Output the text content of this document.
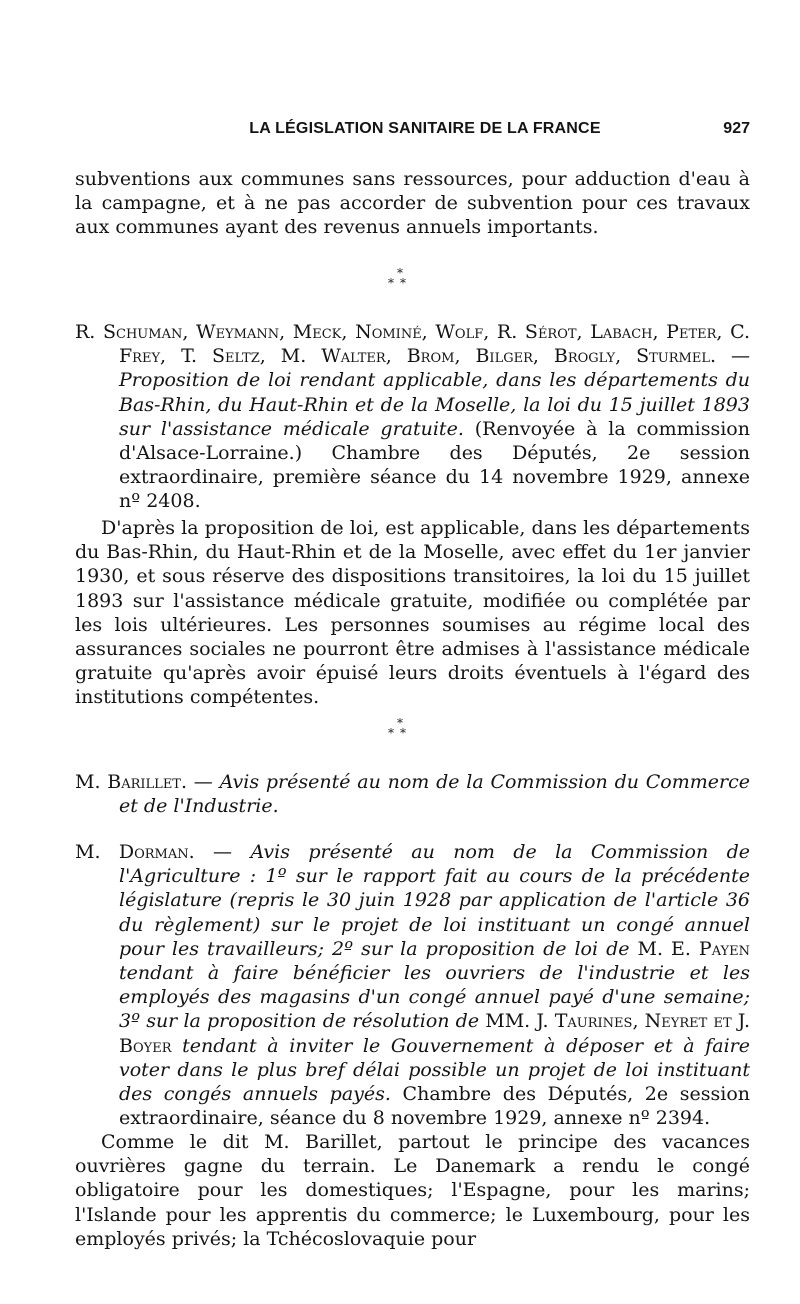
LA LÉGISLATION SANITAIRE DE LA FRANCE	927
subventions aux communes sans ressources, pour adduction d'eau à la campagne, et à ne pas accorder de subvention pour ces travaux aux communes ayant des revenus annuels importants.
*
**
R. Schuman, Weymann, Meck, Nominé, Wolf, R. Sérot, Labach, Peter, C. Frey, T. Seltz, M. Walter, Brom, Bilger, Brogly, Sturmel. — Proposition de loi rendant applicable, dans les départements du Bas-Rhin, du Haut-Rhin et de la Moselle, la loi du 15 juillet 1893 sur l'assistance médicale gratuite. (Renvoyée à la commission d'Alsace-Lorraine.) Chambre des Députés, 2e session extraordinaire, première séance du 14 novembre 1929, annexe nº 2408.
D'après la proposition de loi, est applicable, dans les départements du Bas-Rhin, du Haut-Rhin et de la Moselle, avec effet du 1er janvier 1930, et sous réserve des dispositions transitoires, la loi du 15 juillet 1893 sur l'assistance médicale gratuite, modifiée ou complétée par les lois ultérieures. Les personnes soumises au régime local des assurances sociales ne pourront être admises à l'assistance médicale gratuite qu'après avoir épuisé leurs droits éventuels à l'égard des institutions compétentes.
*
**
M. Barillet. — Avis présenté au nom de la Commission du Commerce et de l'Industrie.
M. Dorman. — Avis présenté au nom de la Commission de l'Agriculture : 1º sur le rapport fait au cours de la précédente législature (repris le 30 juin 1928 par application de l'article 36 du règlement) sur le projet de loi instituant un congé annuel pour les travailleurs; 2º sur la proposition de loi de M. E. Payen tendant à faire bénéficier les ouvriers de l'industrie et les employés des magasins d'un congé annuel payé d'une semaine; 3º sur la proposition de résolution de MM. J. Taurines, Neyret et J. Boyer tendant à inviter le Gouvernement à déposer et à faire voter dans le plus bref délai possible un projet de loi instituant des congés annuels payés. Chambre des Députés, 2e session extraordinaire, séance du 8 novembre 1929, annexe nº 2394.
Comme le dit M. Barillet, partout le principe des vacances ouvrières gagne du terrain. Le Danemark a rendu le congé obligatoire pour les domestiques; l'Espagne, pour les marins; l'Islande pour les apprentis du commerce; le Luxembourg, pour les employés privés; la Tchécoslovaquie pour
